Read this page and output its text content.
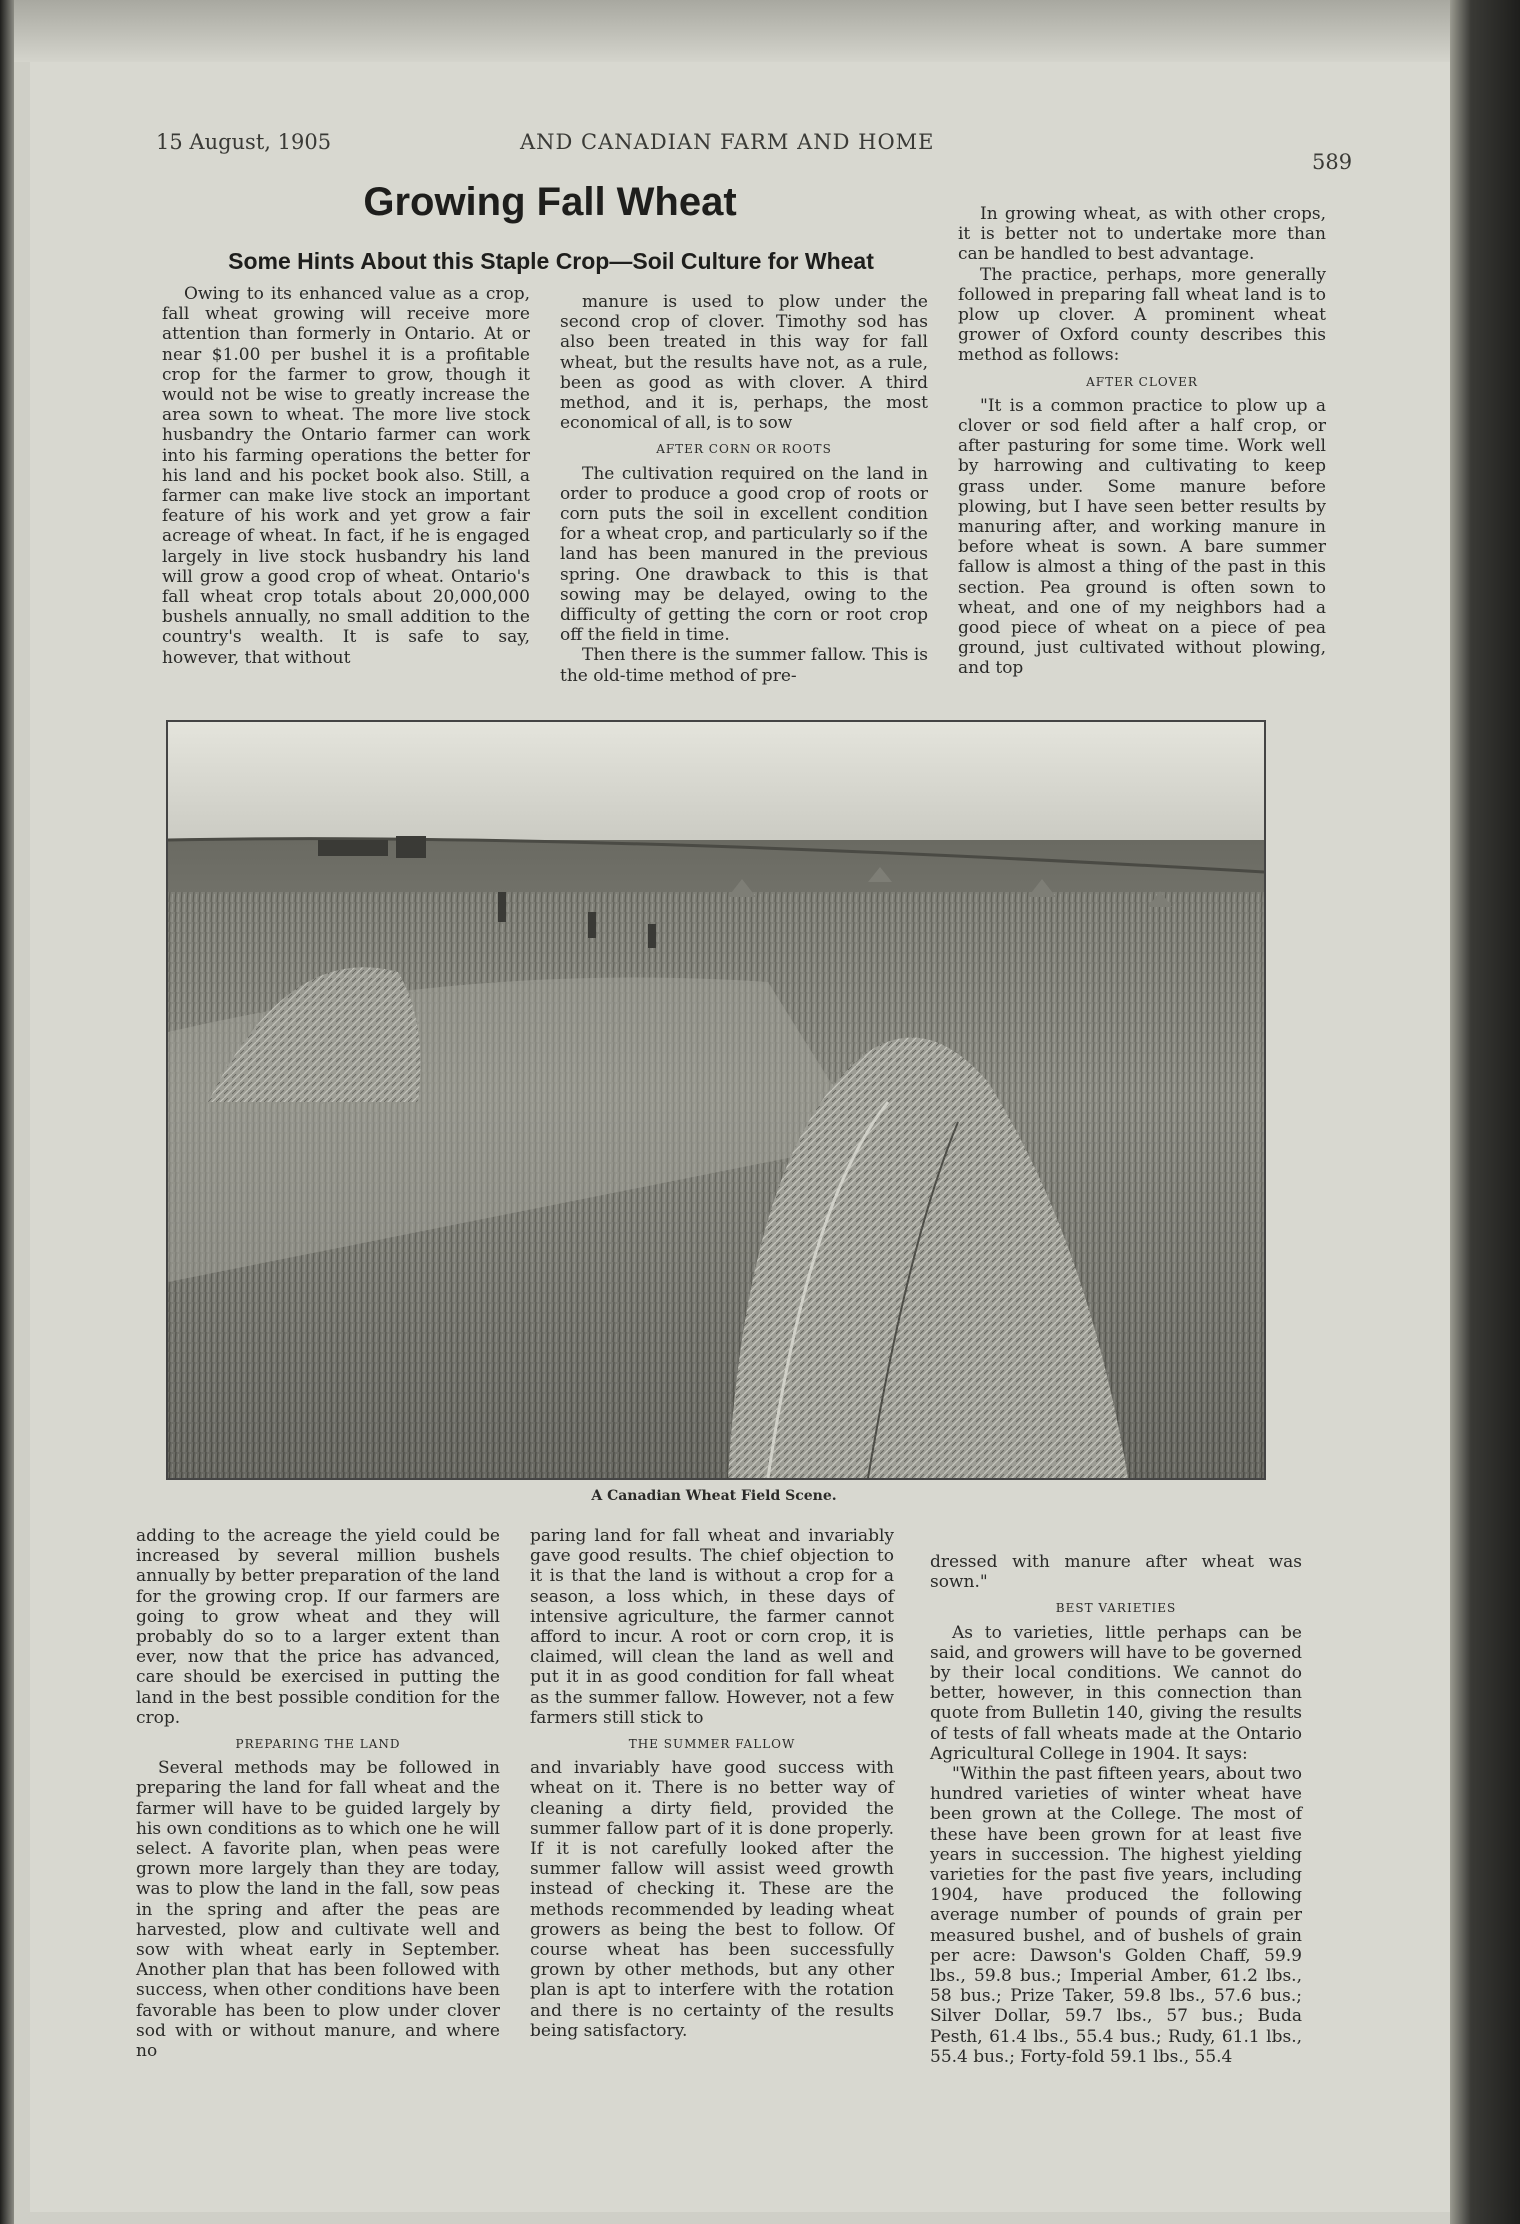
15 August, 1905	AND CANADIAN FARM AND HOME
589
Growing Fall Wheat
Some Hints About this Staple Crop—Soil Culture for Wheat

Owing to its enhanced value as a crop, fall wheat growing will receive more attention than formerly in Ontario. At or near $1.00 per bushel it is a profitable crop for the farmer to grow, though it would not be wise to greatly increase the area sown to wheat. The more live stock husbandry the Ontario farmer can work into his farming operations the better for his land and his pocket book also. Still, a farmer can make live stock an important feature of his work and yet grow a fair acreage of wheat. In fact, if he is engaged largely in live stock husbandry his land will grow a good crop of wheat. Ontario's fall wheat crop totals about 20,000,000 bushels annually, no small addition to the country's wealth. It is safe to say, however, that without

manure is used to plow under the second crop of clover. Timothy sod has also been treated in this way for fall wheat, but the results have not, as a rule, been as good as with clover. A third method, and it is, perhaps, the most economical of all, is to sow

AFTER CORN OR ROOTS

The cultivation required on the land in order to produce a good crop of roots or corn puts the soil in excellent condition for a wheat crop, and particularly so if the land has been manured in the previous spring. One drawback to this is that sowing may be delayed, owing to the difficulty of getting the corn or root crop off the field in time.

Then there is the summer fallow. This is the old-time method of pre-

In growing wheat, as with other crops, it is better not to undertake more than can be handled to best advantage.

The practice, perhaps, more generally followed in preparing fall wheat land is to plow up clover. A prominent wheat grower of Oxford county describes this method as follows:

AFTER CLOVER

"It is a common practice to plow up a clover or sod field after a half crop, or after pasturing for some time. Work well by harrowing and cultivating to keep grass under. Some manure before plowing, but I have seen better results by manuring after, and working manure in before wheat is sown. A bare summer fallow is almost a thing of the past in this section. Pea ground is often sown to wheat, and one of my neighbors had a good piece of wheat on a piece of pea ground, just cultivated without plowing, and top

A Canadian Wheat Field Scene.

adding to the acreage the yield could be increased by several million bushels annually by better preparation of the land for the growing crop. If our farmers are going to grow wheat and they will probably do so to a larger extent than ever, now that the price has advanced, care should be exercised in putting the land in the best possible condition for the crop.

PREPARING THE LAND

Several methods may be followed in preparing the land for fall wheat and the farmer will have to be guided largely by his own conditions as to which one he will select. A favorite plan, when peas were grown more largely than they are today, was to plow the land in the fall, sow peas in the spring and after the peas are harvested, plow and cultivate well and sow with wheat early in September. Another plan that has been followed with success, when other conditions have been favorable has been to plow under clover sod with or without manure, and where no

paring land for fall wheat and invariably gave good results. The chief objection to it is that the land is without a crop for a season, a loss which, in these days of intensive agriculture, the farmer cannot afford to incur. A root or corn crop, it is claimed, will clean the land as well and put it in as good condition for fall wheat as the summer fallow. However, not a few farmers still stick to

THE SUMMER FALLOW

and invariably have good success with wheat on it. There is no better way of cleaning a dirty field, provided the summer fallow part of it is done properly. If it is not carefully looked after the summer fallow will assist weed growth instead of checking it. These are the methods recommended by leading wheat growers as being the best to follow. Of course wheat has been successfully grown by other methods, but any other plan is apt to interfere with the rotation and there is no certainty of the results being satisfactory.

dressed with manure after wheat was sown."

BEST VARIETIES

As to varieties, little perhaps can be said, and growers will have to be governed by their local conditions. We cannot do better, however, in this connection than quote from Bulletin 140, giving the results of tests of fall wheats made at the Ontario Agricultural College in 1904. It says:

"Within the past fifteen years, about two hundred varieties of winter wheat have been grown at the College. The most of these have been grown for at least five years in succession. The highest yielding varieties for the past five years, including 1904, have produced the following average number of pounds of grain per measured bushel, and of bushels of grain per acre: Dawson's Golden Chaff, 59.9 lbs., 59.8 bus.; Imperial Amber, 61.2 lbs., 58 bus.; Prize Taker, 59.8 lbs., 57.6 bus.; Silver Dollar, 59.7 lbs., 57 bus.; Buda Pesth, 61.4 lbs., 55.4 bus.; Rudy, 61.1 lbs., 55.4 bus.; Forty-fold 59.1 lbs., 55.4
